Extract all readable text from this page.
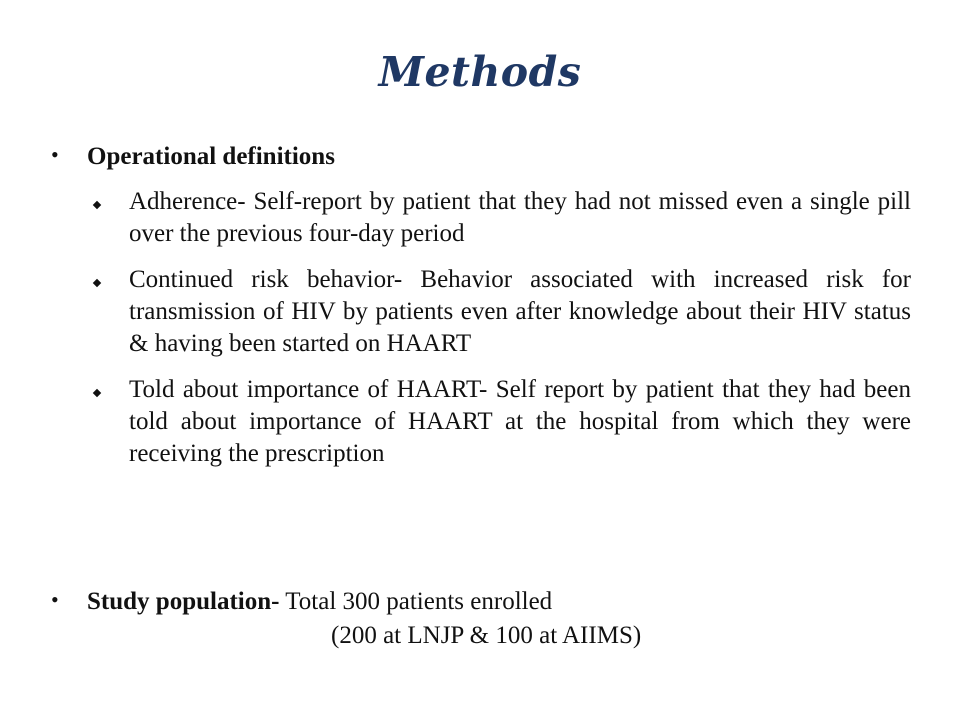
Methods
•	Operational definitions
Adherence- Self-report by patient that they had not missed even a single pill over the previous four-day period
Continued risk behavior- Behavior associated with increased risk for transmission of HIV by patients even after knowledge about their HIV status & having been started on HAART
Told about importance of HAART- Self report by patient that they had been told about importance of HAART at the hospital from which they were receiving the prescription
•	Study population- Total 300 patients enrolled
(200 at LNJP & 100 at AIIMS)
